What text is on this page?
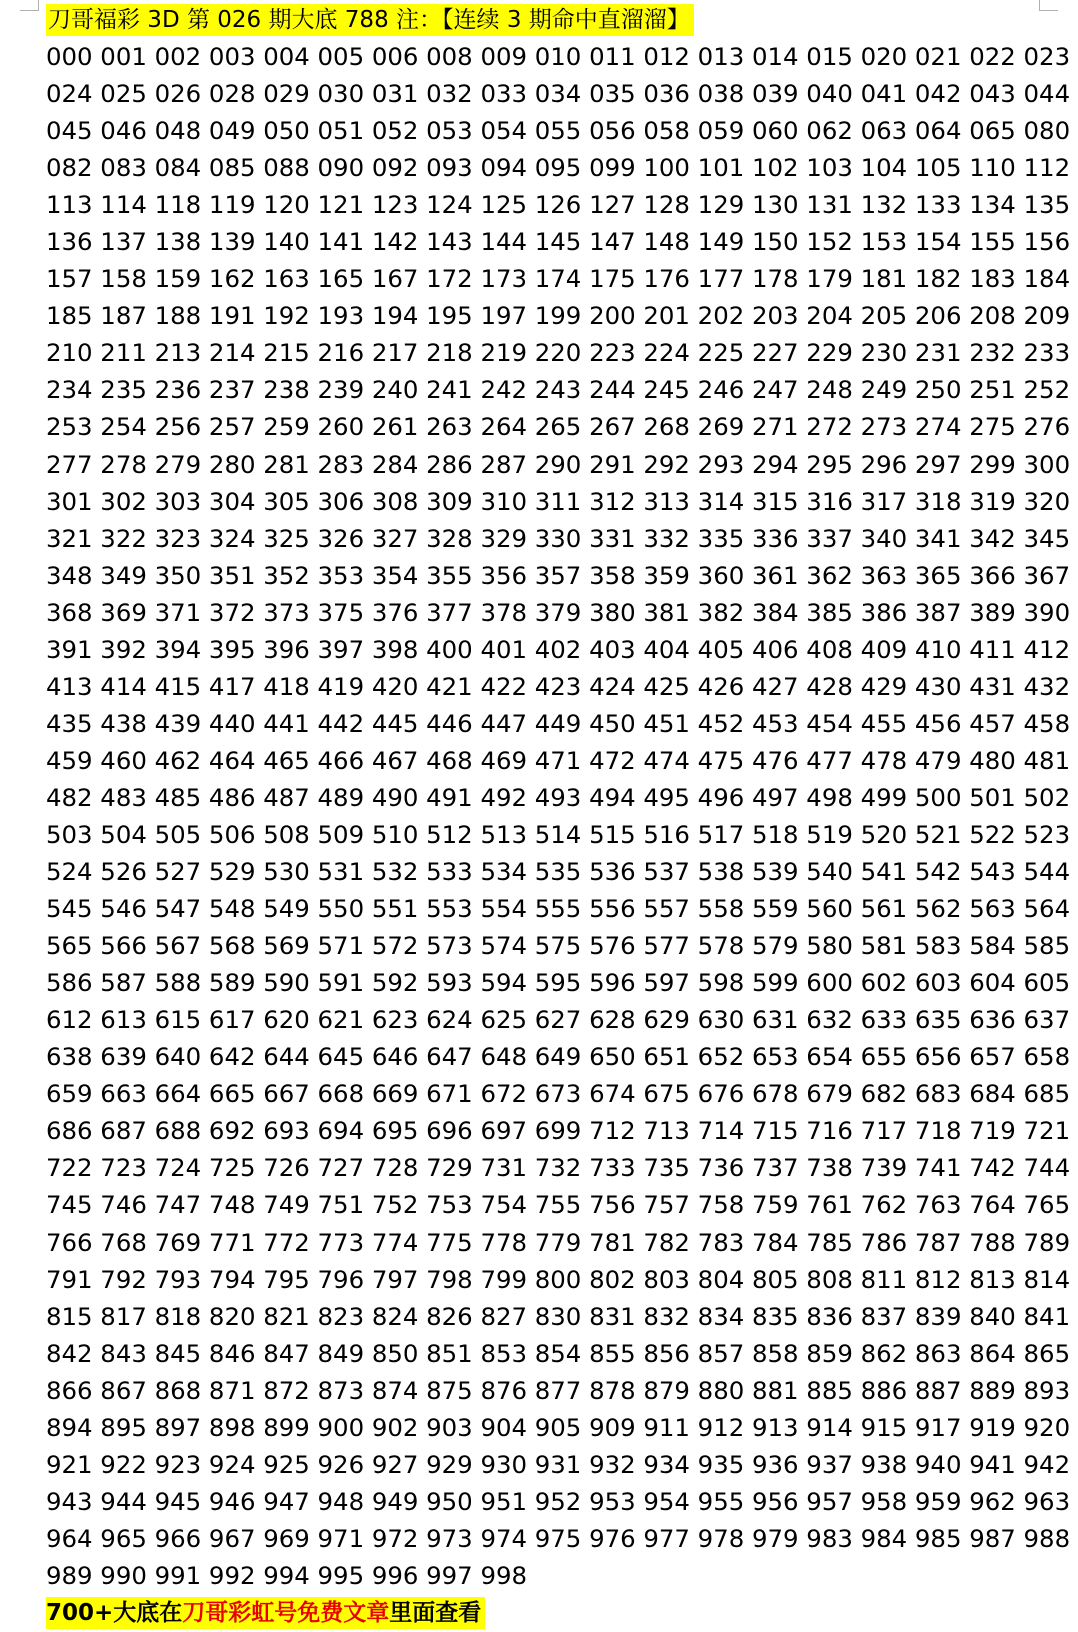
刀哥福彩 3D 第 026 期大底 788 注：【连续 3 期命中直溜溜】
000 001 002 003 004 005 006 008 009 010 011 012 013 014 015 020 021 022 023
024 025 026 028 029 030 031 032 033 034 035 036 038 039 040 041 042 043 044
045 046 048 049 050 051 052 053 054 055 056 058 059 060 062 063 064 065 080
082 083 084 085 088 090 092 093 094 095 099 100 101 102 103 104 105 110 112
113 114 118 119 120 121 123 124 125 126 127 128 129 130 131 132 133 134 135
136 137 138 139 140 141 142 143 144 145 147 148 149 150 152 153 154 155 156
157 158 159 162 163 165 167 172 173 174 175 176 177 178 179 181 182 183 184
185 187 188 191 192 193 194 195 197 199 200 201 202 203 204 205 206 208 209
210 211 213 214 215 216 217 218 219 220 223 224 225 227 229 230 231 232 233
234 235 236 237 238 239 240 241 242 243 244 245 246 247 248 249 250 251 252
253 254 256 257 259 260 261 263 264 265 267 268 269 271 272 273 274 275 276
277 278 279 280 281 283 284 286 287 290 291 292 293 294 295 296 297 299 300
301 302 303 304 305 306 308 309 310 311 312 313 314 315 316 317 318 319 320
321 322 323 324 325 326 327 328 329 330 331 332 335 336 337 340 341 342 345
348 349 350 351 352 353 354 355 356 357 358 359 360 361 362 363 365 366 367
368 369 371 372 373 375 376 377 378 379 380 381 382 384 385 386 387 389 390
391 392 394 395 396 397 398 400 401 402 403 404 405 406 408 409 410 411 412
413 414 415 417 418 419 420 421 422 423 424 425 426 427 428 429 430 431 432
435 438 439 440 441 442 445 446 447 449 450 451 452 453 454 455 456 457 458
459 460 462 464 465 466 467 468 469 471 472 474 475 476 477 478 479 480 481
482 483 485 486 487 489 490 491 492 493 494 495 496 497 498 499 500 501 502
503 504 505 506 508 509 510 512 513 514 515 516 517 518 519 520 521 522 523
524 526 527 529 530 531 532 533 534 535 536 537 538 539 540 541 542 543 544
545 546 547 548 549 550 551 553 554 555 556 557 558 559 560 561 562 563 564
565 566 567 568 569 571 572 573 574 575 576 577 578 579 580 581 583 584 585
586 587 588 589 590 591 592 593 594 595 596 597 598 599 600 602 603 604 605
612 613 615 617 620 621 623 624 625 627 628 629 630 631 632 633 635 636 637
638 639 640 642 644 645 646 647 648 649 650 651 652 653 654 655 656 657 658
659 663 664 665 667 668 669 671 672 673 674 675 676 678 679 682 683 684 685
686 687 688 692 693 694 695 696 697 699 712 713 714 715 716 717 718 719 721
722 723 724 725 726 727 728 729 731 732 733 735 736 737 738 739 741 742 744
745 746 747 748 749 751 752 753 754 755 756 757 758 759 761 762 763 764 765
766 768 769 771 772 773 774 775 778 779 781 782 783 784 785 786 787 788 789
791 792 793 794 795 796 797 798 799 800 802 803 804 805 808 811 812 813 814
815 817 818 820 821 823 824 826 827 830 831 832 834 835 836 837 839 840 841
842 843 845 846 847 849 850 851 853 854 855 856 857 858 859 862 863 864 865
866 867 868 871 872 873 874 875 876 877 878 879 880 881 885 886 887 889 893
894 895 897 898 899 900 902 903 904 905 909 911 912 913 914 915 917 919 920
921 922 923 924 925 926 927 929 930 931 932 934 935 936 937 938 940 941 942
943 944 945 946 947 948 949 950 951 952 953 954 955 956 957 958 959 962 963
964 965 966 967 969 971 972 973 974 975 976 977 978 979 983 984 985 987 988
989 990 991 992 994 995 996 997 998
700+大底在刀哥彩虹号免费文章里面查看
